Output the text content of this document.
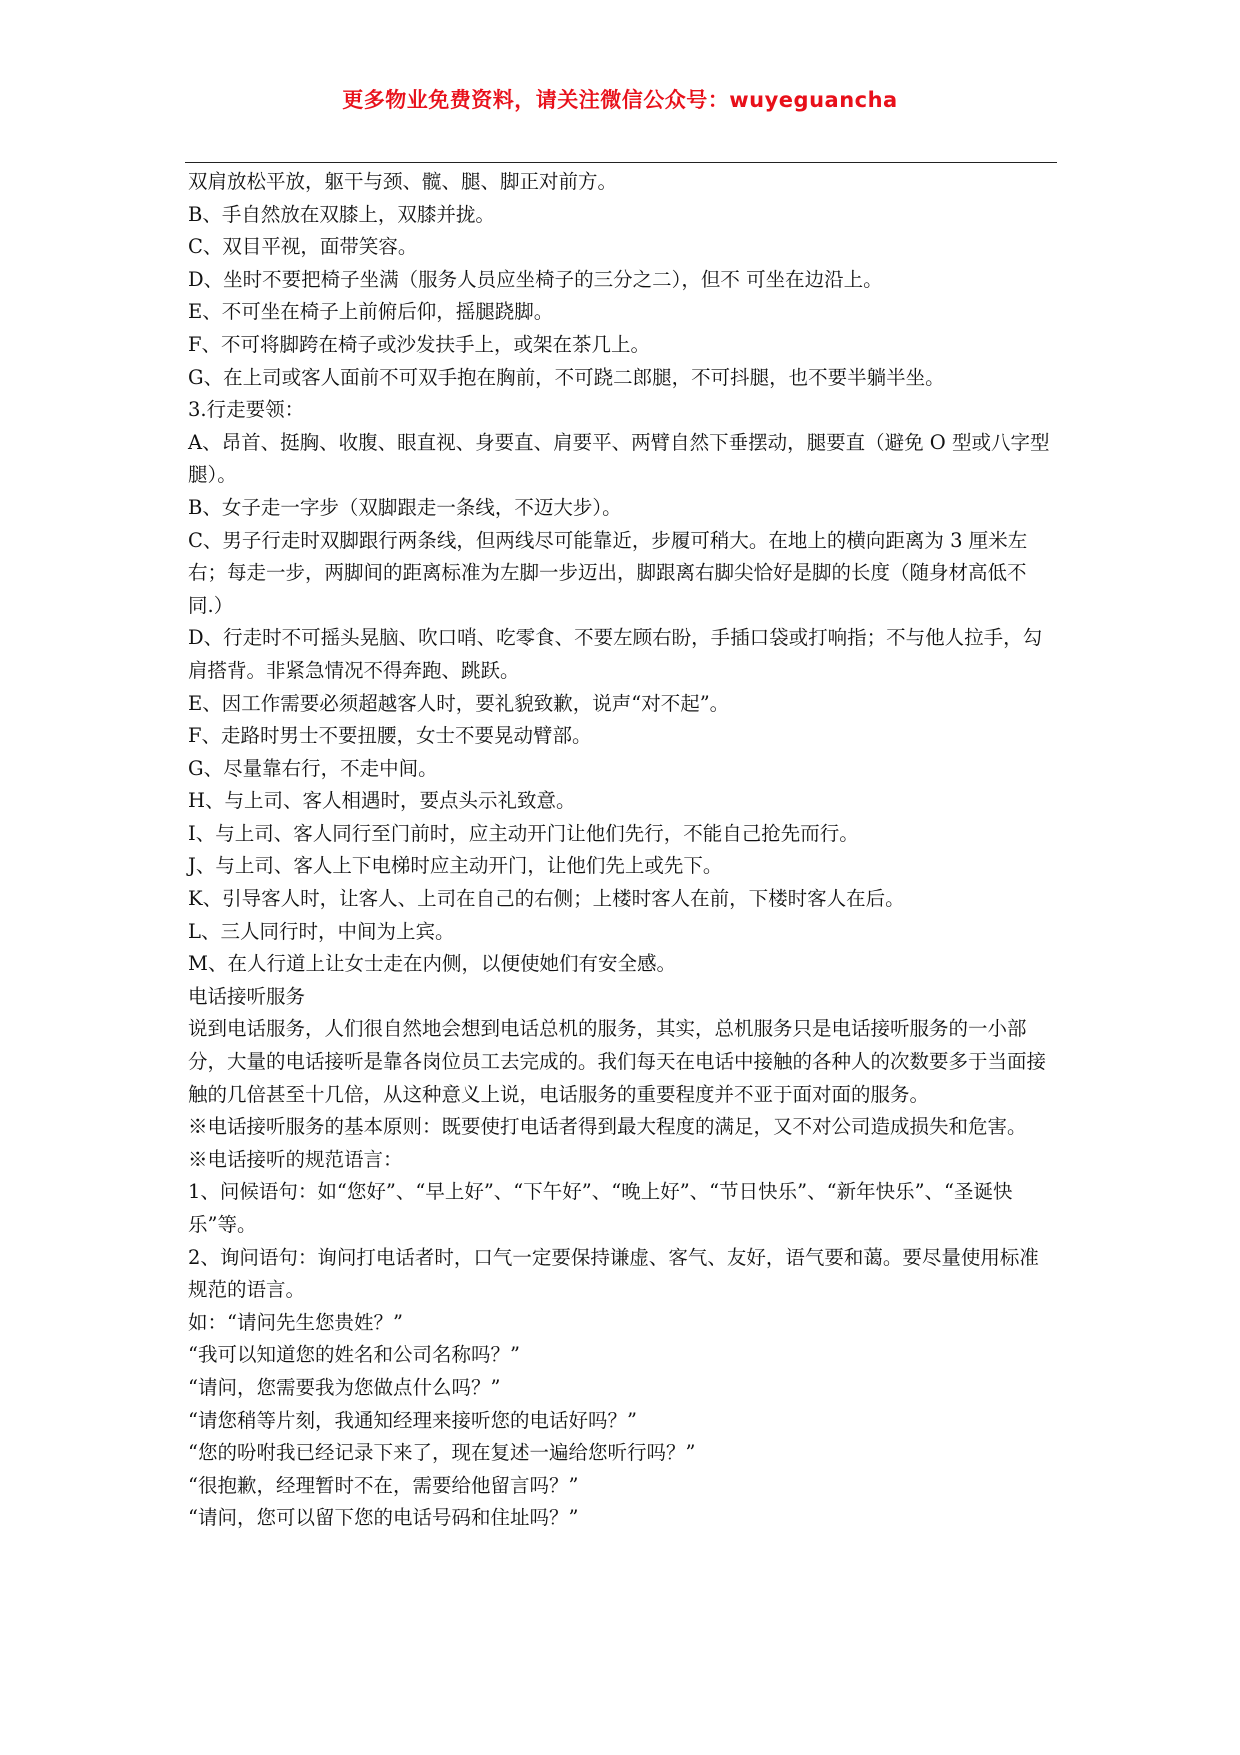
更多物业免费资料，请关注微信公众号：wuyeguancha

双肩放松平放，躯干与颈、髋、腿、脚正对前方。

B、手自然放在双膝上，双膝并拢。

C、双目平视，面带笑容。

D、坐时不要把椅子坐满（服务人员应坐椅子的三分之二），但不 可坐在边沿上。

E、不可坐在椅子上前俯后仰，摇腿跷脚。

F、不可将脚跨在椅子或沙发扶手上，或架在茶几上。

G、在上司或客人面前不可双手抱在胸前，不可跷二郎腿，不可抖腿，也不要半躺半坐。

3.行走要领：

A、昂首、挺胸、收腹、眼直视、身要直、肩要平、两臂自然下垂摆动，腿要直（避免 O 型或八字型腿）。

B、女子走一字步（双脚跟走一条线，不迈大步）。

C、男子行走时双脚跟行两条线，但两线尽可能靠近，步履可稍大。在地上的横向距离为 3 厘米左右；每走一步，两脚间的距离标准为左脚一步迈出，脚跟离右脚尖恰好是脚的长度（随身材高低不同.）

D、行走时不可摇头晃脑、吹口哨、吃零食、不要左顾右盼，手插口袋或打响指；不与他人拉手，勾肩搭背。非紧急情况不得奔跑、跳跃。

E、因工作需要必须超越客人时，要礼貌致歉，说声“对不起”。

F、走路时男士不要扭腰，女士不要晃动臂部。

G、尽量靠右行，不走中间。

H、与上司、客人相遇时，要点头示礼致意。

I、与上司、客人同行至门前时，应主动开门让他们先行，不能自己抢先而行。

J、与上司、客人上下电梯时应主动开门，让他们先上或先下。

K、引导客人时，让客人、上司在自己的右侧；上楼时客人在前，下楼时客人在后。

L、三人同行时，中间为上宾。

M、在人行道上让女士走在内侧，以便使她们有安全感。

电话接听服务

说到电话服务，人们很自然地会想到电话总机的服务，其实，总机服务只是电话接听服务的一小部分，大量的电话接听是靠各岗位员工去完成的。我们每天在电话中接触的各种人的次数要多于当面接触的几倍甚至十几倍，从这种意义上说，电话服务的重要程度并不亚于面对面的服务。

※电话接听服务的基本原则：既要使打电话者得到最大程度的满足，又不对公司造成损失和危害。

※电话接听的规范语言：

1、问候语句：如“您好”、“早上好”、“下午好”、“晚上好”、“节日快乐”、“新年快乐”、“圣诞快乐”等。

2、询问语句：询问打电话者时，口气一定要保持谦虚、客气、友好，语气要和蔼。要尽量使用标准规范的语言。

如：“请问先生您贵姓？”

“我可以知道您的姓名和公司名称吗？”

“请问，您需要我为您做点什么吗？”

“请您稍等片刻，我通知经理来接听您的电话好吗？”

“您的吩咐我已经记录下来了，现在复述一遍给您听行吗？”

“很抱歉，经理暂时不在，需要给他留言吗？”

“请问，您可以留下您的电话号码和住址吗？”
